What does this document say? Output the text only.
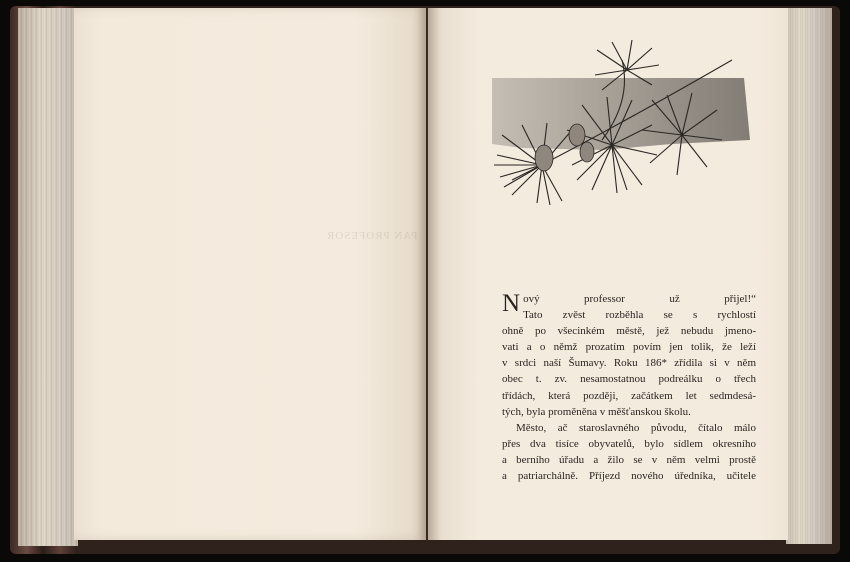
PAN PROFESOR
N ový professor už přijel!“
Tato zvěst rozběhla se s rychlostí
ohně po všecinkém městě, jež nebudu jmeno-
vati a o němž prozatím povím jen tolik, že leží
v srdci naší Šumavy. Roku 186* zřídila si v něm
obec t. zv. nesamostatnou podreálku o třech
třídách, která později, začátkem let sedmdesá-
tých, byla proměněna v měšťanskou školu.
Město, ač staroslavného původu, čítalo málo
přes dva tisíce obyvatelů, bylo sídlem okresního
a berního úřadu a žilo se v něm velmi prostě
a patriarchálně. Příjezd nového úředníka, učitele
